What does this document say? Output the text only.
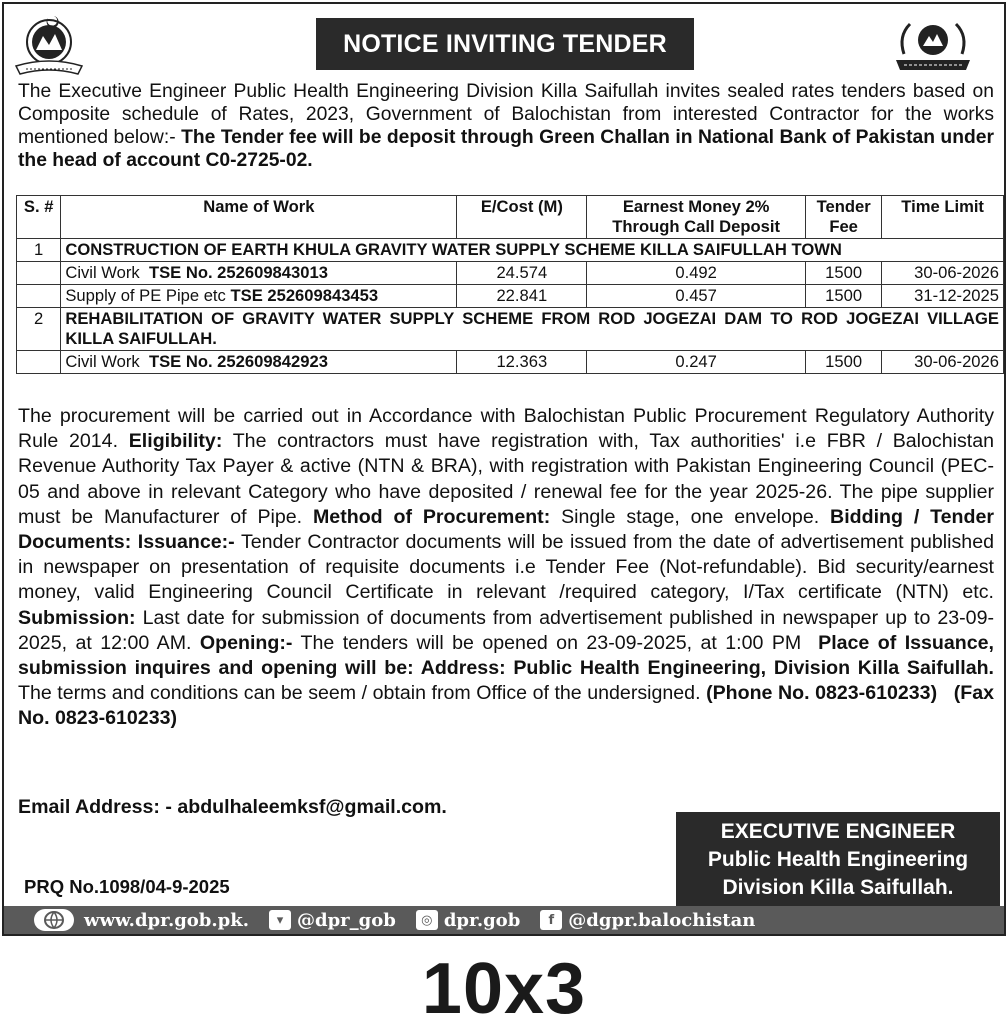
NOTICE INVITING TENDER

The Executive Engineer Public Health Engineering Division Killa Saifullah invites sealed rates tenders based on Composite schedule of Rates, 2023, Government of Balochistan from interested Contractor for the works mentioned below:- The Tender fee will be deposit through Green Challan in National Bank of Pakistan under the head of account C0-2725-02.

S. #	Name of Work	E/Cost (M)	Earnest Money 2% Through Call Deposit	Tender Fee	Time Limit
1	CONSTRUCTION OF EARTH KHULA GRAVITY WATER SUPPLY SCHEME KILLA SAIFULLAH TOWN				
	Civil Work TSE No. 252609843013	24.574	0.492	1500	30-06-2026
	Supply of PE Pipe etc TSE 252609843453	22.841	0.457	1500	31-12-2025
2	REHABILITATION OF GRAVITY WATER SUPPLY SCHEME FROM ROD JOGEZAI DAM TO ROD JOGEZAI VILLAGE KILLA SAIFULLAH.				
	Civil Work TSE No. 252609842923	12.363	0.247	1500	30-06-2026

The procurement will be carried out in Accordance with Balochistan Public Procurement Regulatory Authority Rule 2014. Eligibility: The contractors must have registration with, Tax authorities' i.e FBR / Balochistan Revenue Authority Tax Payer & active (NTN & BRA), with registration with Pakistan Engineering Council (PEC-05 and above in relevant Category who have deposited / renewal fee for the year 2025-26. The pipe supplier must be Manufacturer of Pipe. Method of Procurement: Single stage, one envelope. Bidding / Tender Documents: Issuance:- Tender Contractor documents will be issued from the date of advertisement published in newspaper on presentation of requisite documents i.e Tender Fee (Not-refundable). Bid security/earnest money, valid Engineering Council Certificate in relevant /required category, I/Tax certificate (NTN) etc. Submission: Last date for submission of documents from advertisement published in newspaper up to 23-09-2025, at 12:00 AM. Opening:- The tenders will be opened on 23-09-2025, at 1:00 PM Place of Issuance, submission inquires and opening will be: Address: Public Health Engineering, Division Killa Saifullah. The terms and conditions can be seem / obtain from Office of the undersigned. (Phone No. 0823-610233) (Fax No. 0823-610233)

Email Address: - abdulhaleemksf@gmail.com.
PRQ No.1098/04-9-2025
EXECUTIVE ENGINEER
Public Health Engineering
Division Killa Saifullah.
www.dpr.gob.pk.	▾ @dpr_gob	◎ dpr.gob	f @dgpr.balochistan
10x3
